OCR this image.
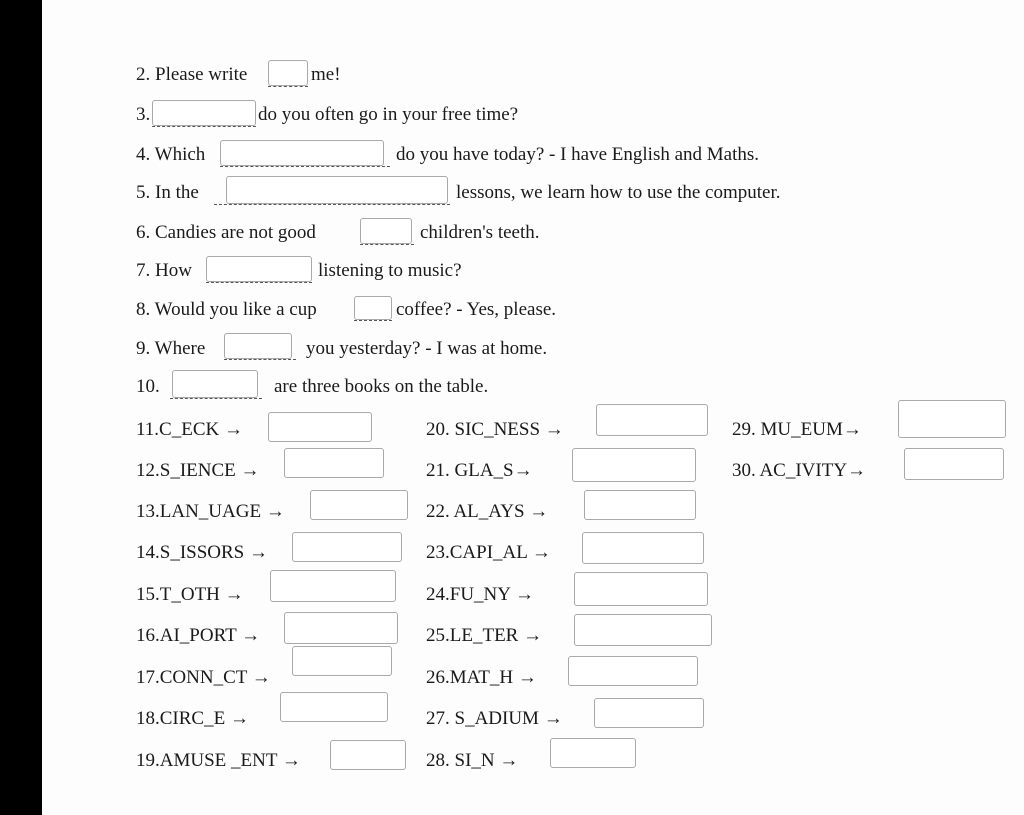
2. Please write	me!
3.	do you often go in your free time?
4. Which	do you have today? - I have English and Maths.
5. In the	lessons, we learn how to use the computer.
6. Candies are not good	children's teeth.
7. How	listening to music?
8. Would you like a cup	coffee? - Yes, please.
9. Where	you yesterday? - I was at home.
10.	are three books on the table.
11.C_ECK →
12.S_IENCE →
13.LAN_UAGE →
14.S_ISSORS →
15.T_OTH →
16.AI_PORT →
17.CONN_CT →
18.CIRC_E →
19.AMUSE _ENT →
20. SIC_NESS →
21. GLA_S→
22. AL_AYS →
23.CAPI_AL →
24.FU_NY →
25.LE_TER →
26.MAT_H →
27. S_ADIUM →
28. SI_N →
29. MU_EUM→
30. AC_IVITY→
